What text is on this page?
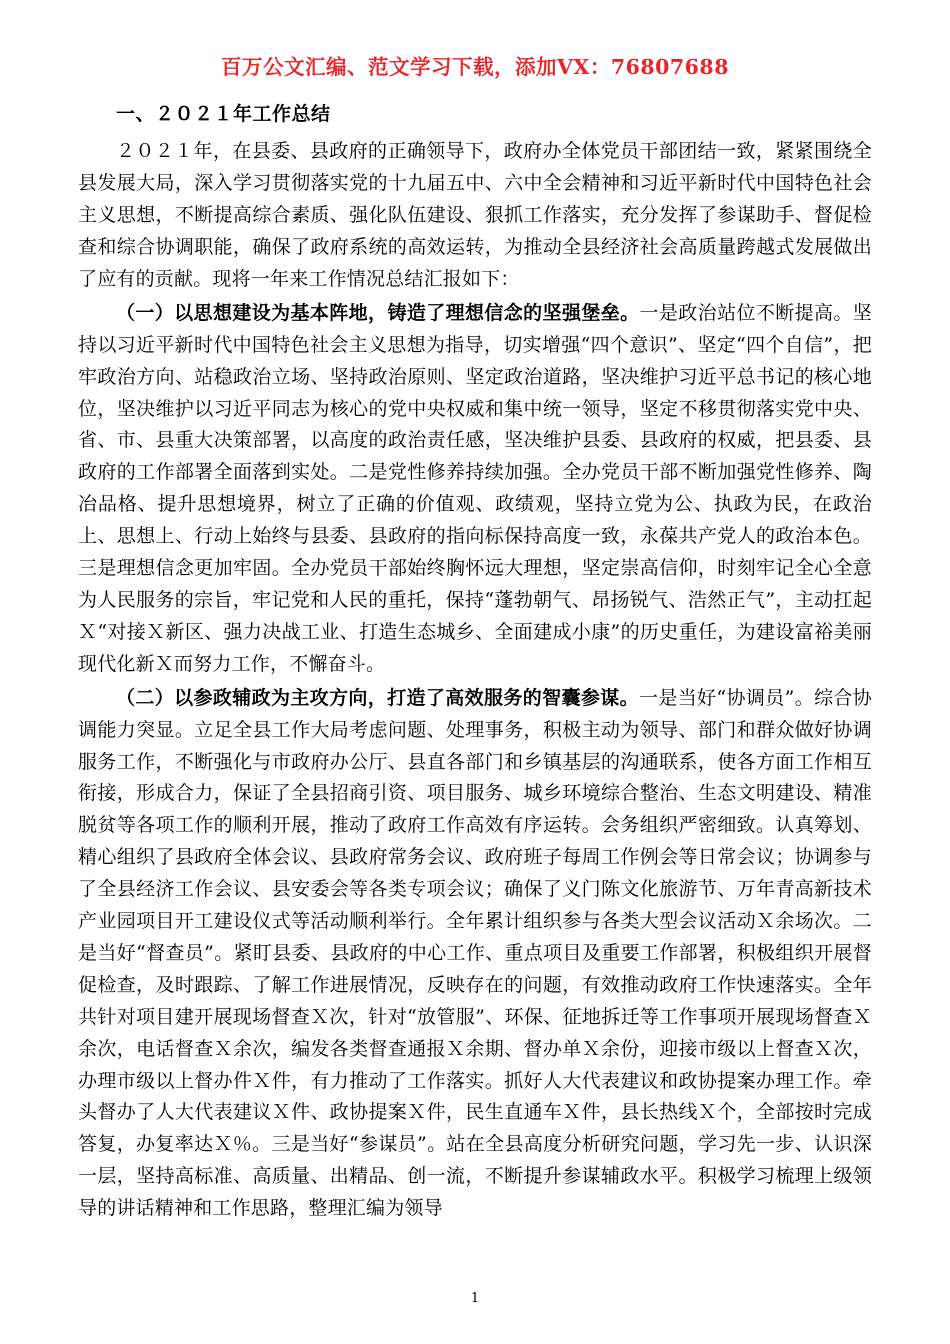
百万公文汇编、范文学习下载，添加VX：76807688
一、２０２１年工作总结

２０２１年，在县委、县政府的正确领导下，政府办全体党员干部团结一致，紧紧围绕全县发展大局，深入学习贯彻落实党的十九届五中、六中全会精神和习近平新时代中国特色社会主义思想，不断提高综合素质、强化队伍建设、狠抓工作落实，充分发挥了参谋助手、督促检查和综合协调职能，确保了政府系统的高效运转，为推动全县经济社会高质量跨越式发展做出了应有的贡献。现将一年来工作情况总结汇报如下：

（一）以思想建设为基本阵地，铸造了理想信念的坚强堡垒。一是政治站位不断提高。坚持以习近平新时代中国特色社会主义思想为指导，切实增强“四个意识”、坚定“四个自信”，把牢政治方向、站稳政治立场、坚持政治原则、坚定政治道路，坚决维护习近平总书记的核心地位，坚决维护以习近平同志为核心的党中央权威和集中统一领导，坚定不移贯彻落实党中央、省、市、县重大决策部署，以高度的政治责任感，坚决维护县委、县政府的权威，把县委、县政府的工作部署全面落到实处。二是党性修养持续加强。全办党员干部不断加强党性修养、陶冶品格、提升思想境界，树立了正确的价值观、政绩观，坚持立党为公、执政为民，在政治上、思想上、行动上始终与县委、县政府的指向标保持高度一致，永葆共产党人的政治本色。三是理想信念更加牢固。全办党员干部始终胸怀远大理想，坚定崇高信仰，时刻牢记全心全意为人民服务的宗旨，牢记党和人民的重托，保持“蓬勃朝气、昂扬锐气、浩然正气”，主动扛起Ｘ“对接Ｘ新区、强力决战工业、打造生态城乡、全面建成小康”的历史重任，为建设富裕美丽现代化新Ｘ而努力工作，不懈奋斗。

（二）以参政辅政为主攻方向，打造了高效服务的智囊参谋。一是当好“协调员”。综合协调能力突显。立足全县工作大局考虑问题、处理事务，积极主动为领导、部门和群众做好协调服务工作，不断强化与市政府办公厅、县直各部门和乡镇基层的沟通联系，使各方面工作相互衔接，形成合力，保证了全县招商引资、项目服务、城乡环境综合整治、生态文明建设、精准脱贫等各项工作的顺利开展，推动了政府工作高效有序运转。会务组织严密细致。认真筹划、精心组织了县政府全体会议、县政府常务会议、政府班子每周工作例会等日常会议；协调参与了全县经济工作会议、县安委会等各类专项会议；确保了义门陈文化旅游节、万年青高新技术产业园项目开工建设仪式等活动顺利举行。全年累计组织参与各类大型会议活动Ｘ余场次。二是当好“督查员”。紧盯县委、县政府的中心工作、重点项目及重要工作部署，积极组织开展督促检查，及时跟踪、了解工作进展情况，反映存在的问题，有效推动政府工作快速落实。全年共针对项目建开展现场督查Ｘ次，针对“放管服”、环保、征地拆迁等工作事项开展现场督查Ｘ余次，电话督查Ｘ余次，编发各类督查通报Ｘ余期、督办单Ｘ余份，迎接市级以上督查Ｘ次，办理市级以上督办件Ｘ件，有力推动了工作落实。抓好人大代表建议和政协提案办理工作。牵头督办了人大代表建议Ｘ件、政协提案Ｘ件，民生直通车Ｘ件，县长热线Ｘ个，全部按时完成答复，办复率达Ｘ％。三是当好“参谋员”。站在全县高度分析研究问题，学习先一步、认识深一层，坚持高标准、高质量、出精品、创一流，不断提升参谋辅政水平。积极学习梳理上级领导的讲话精神和工作思路，整理汇编为领导

1
